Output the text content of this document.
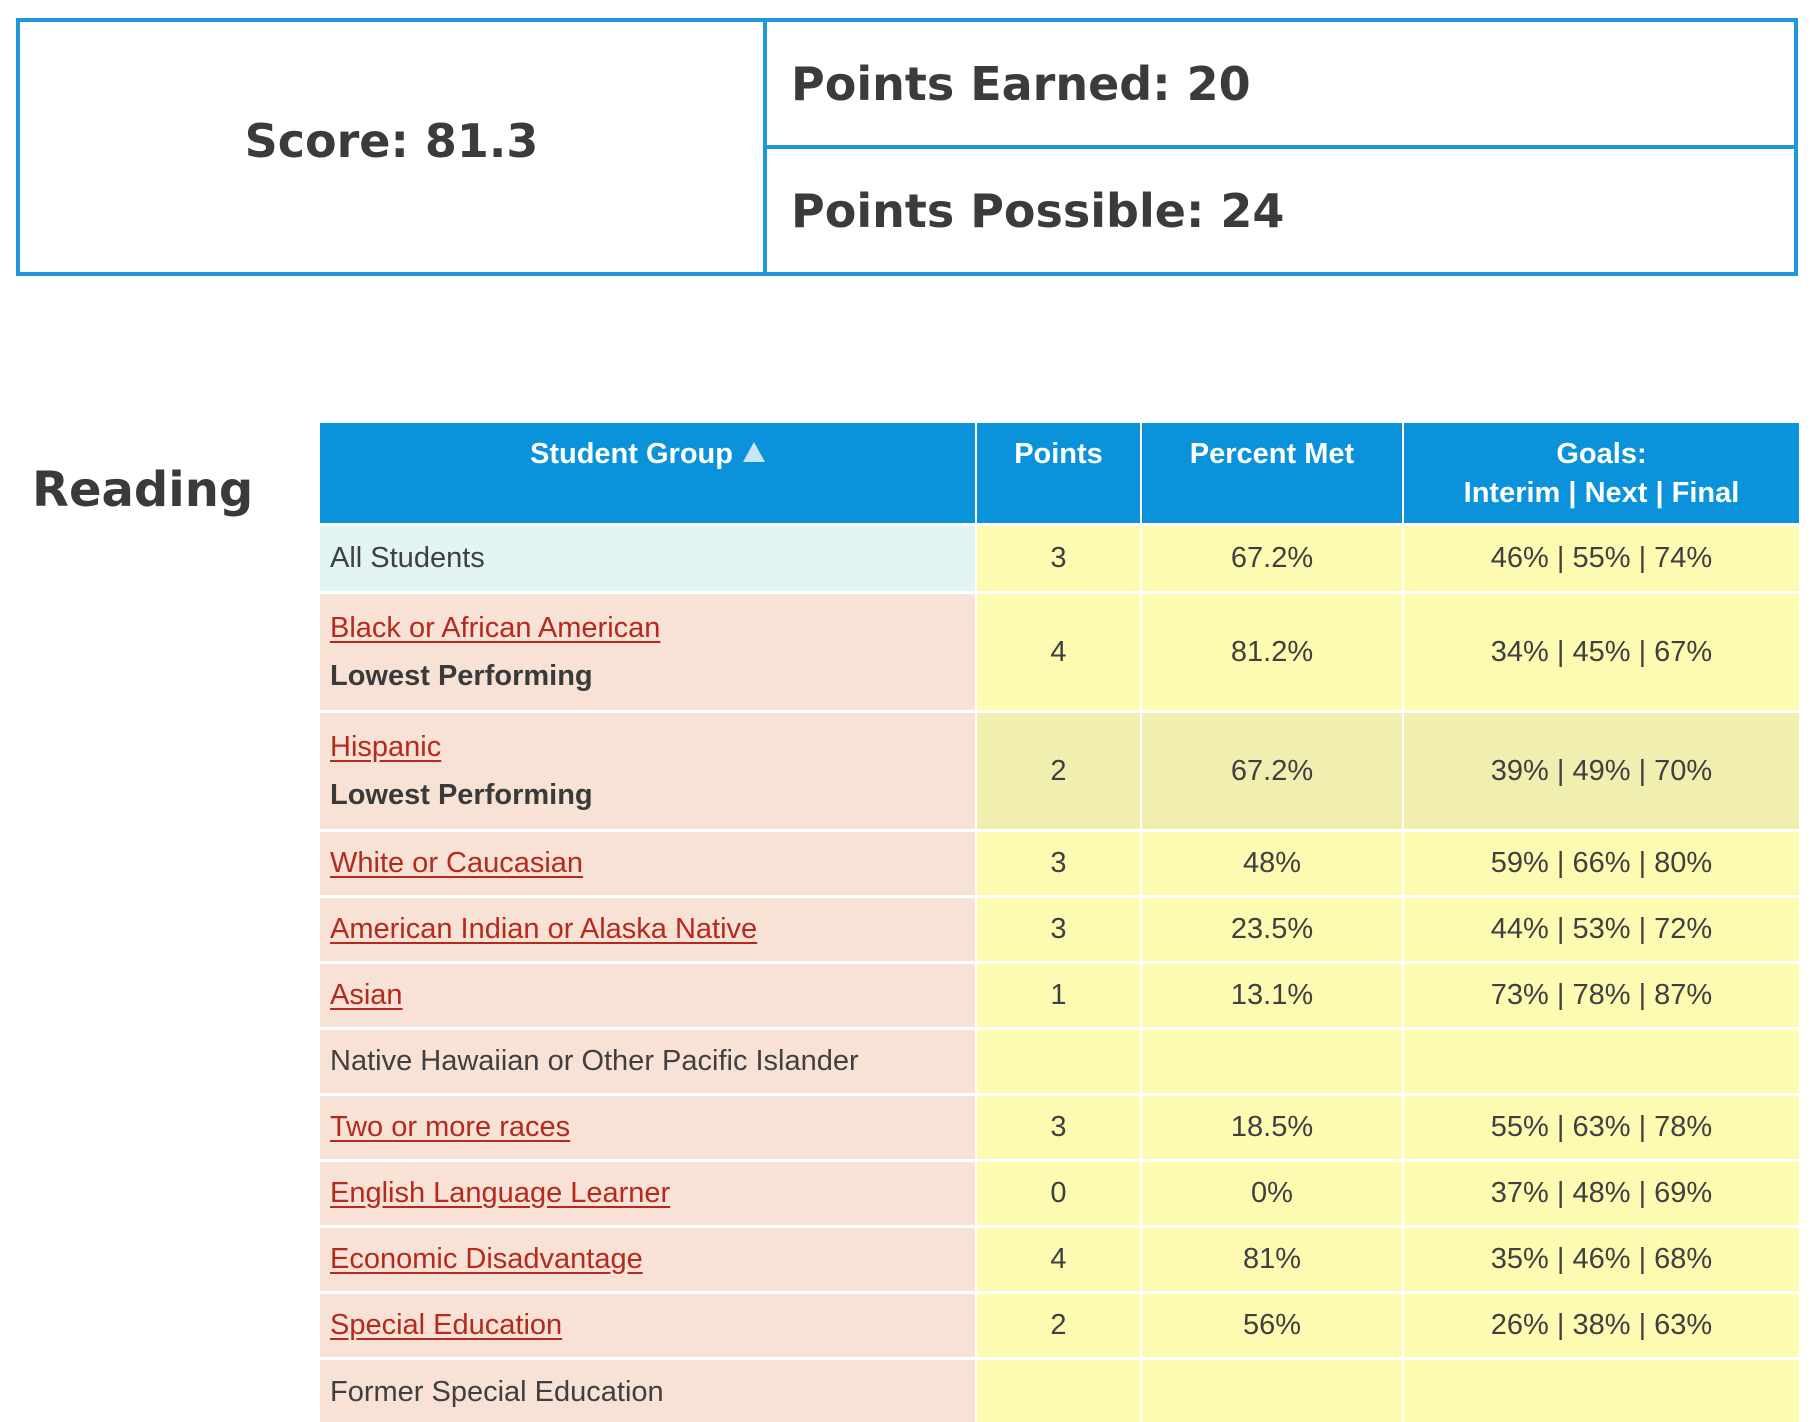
Score: 81.3
Points Earned: 20
Points Possible: 24
Reading
Student Group	Points	Percent Met	Goals:
Interim | Next | Final
All Students	3	67.2%	46% | 55% | 74%
Black or African American
Lowest Performing	4	81.2%	34% | 45% | 67%
Hispanic
Lowest Performing	2	67.2%	39% | 49% | 70%
White or Caucasian	3	48%	59% | 66% | 80%
American Indian or Alaska Native	3	23.5%	44% | 53% | 72%
Asian	1	13.1%	73% | 78% | 87%
Native Hawaiian or Other Pacific Islander			
Two or more races	3	18.5%	55% | 63% | 78%
English Language Learner	0	0%	37% | 48% | 69%
Economic Disadvantage	4	81%	35% | 46% | 68%
Special Education	2	56%	26% | 38% | 63%
Former Special Education			
